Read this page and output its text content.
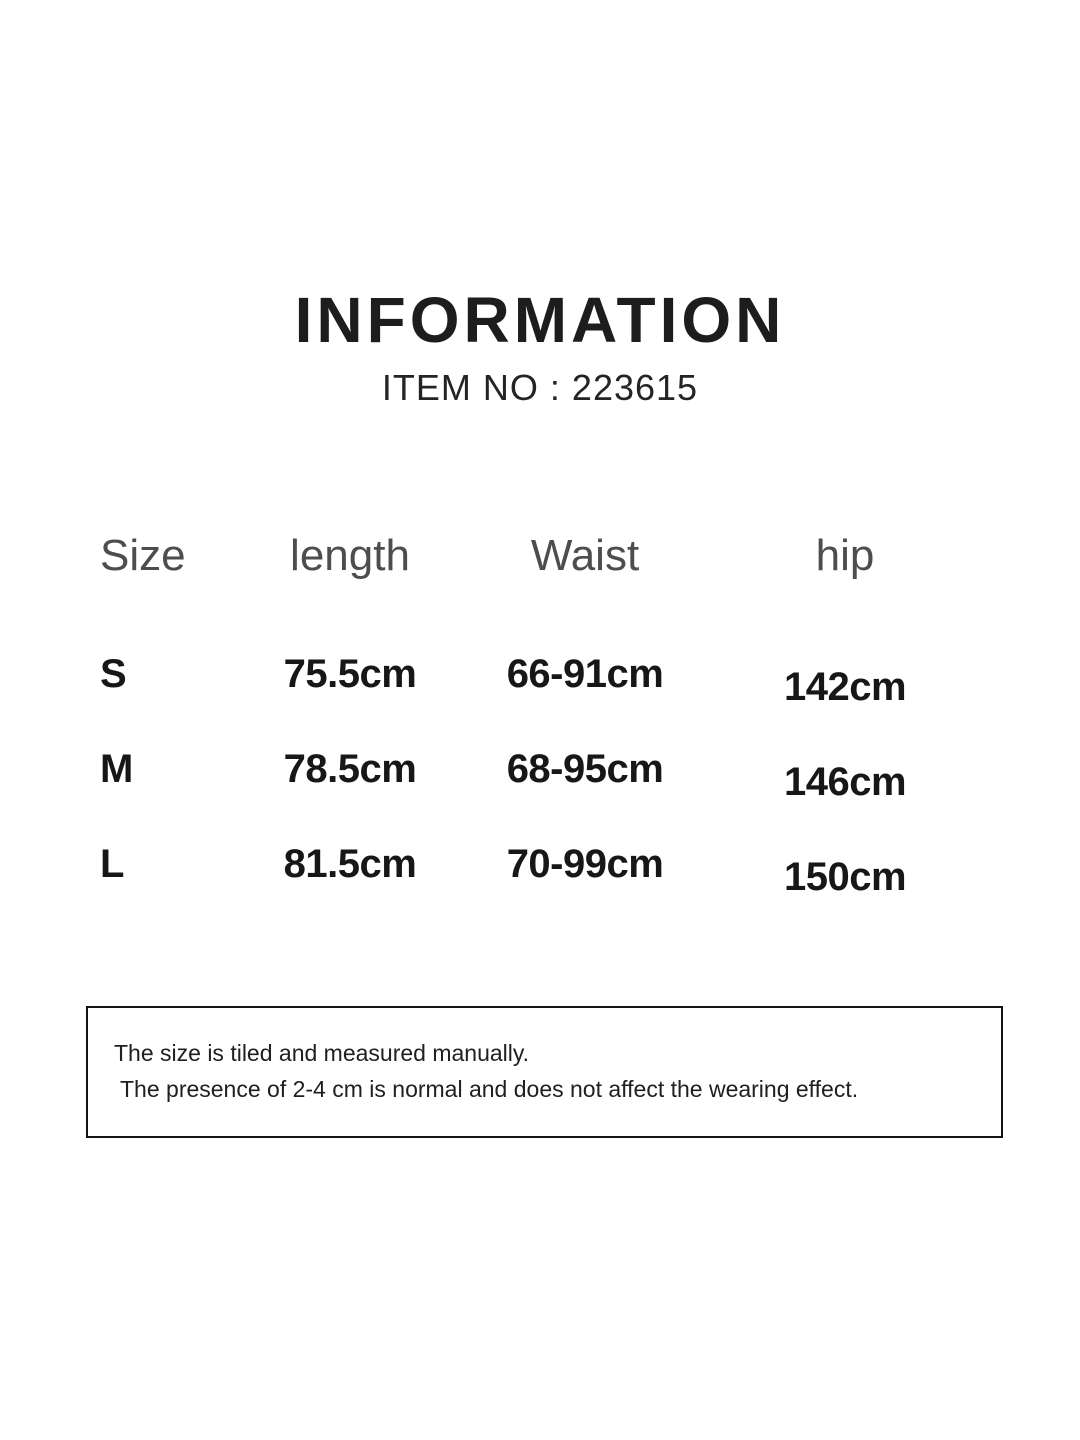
INFORMATION
ITEM NO : 223615
Size	length	Waist	hip
S	75.5cm	66-91cm	142cm
M	78.5cm	68-95cm	146cm
L	81.5cm	70-99cm	150cm
The size is tiled and measured manually.
The presence of 2-4 cm is normal and does not affect the wearing effect.
